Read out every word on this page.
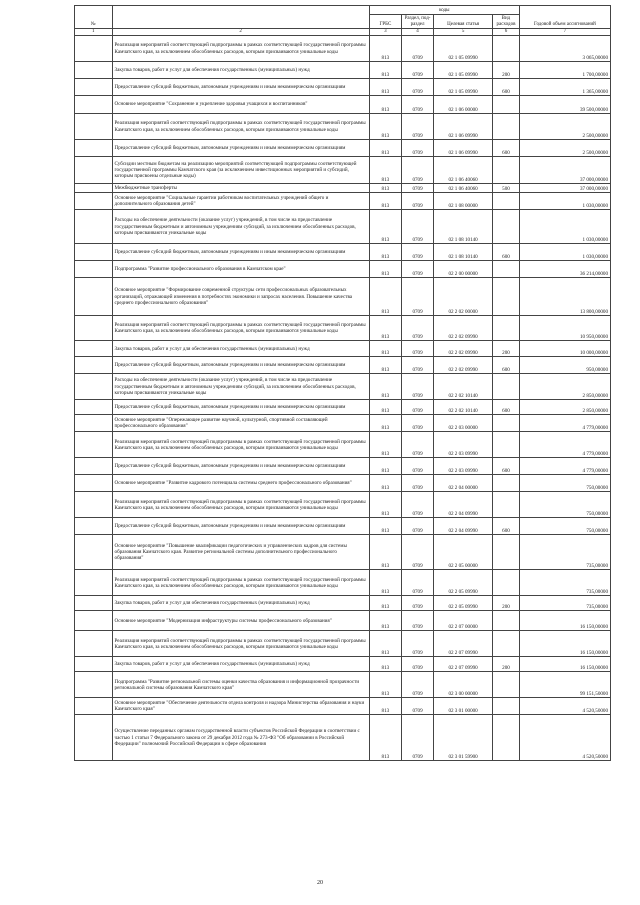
№		коды				Годовой объем ассигнований
		ГРБС	Раздел, под-раздел	Целевая статья	Вид расходов	
1	2	3	4	5	6	7
	Реализация мероприятий соответствующей подпрограммы в рамках соответствующей государственной программы Камчатского края, за исключением обособленных расходов, которым присваиваются уникальные коды	813	0709	02 1 05 09990		3 065,00000
	Закупка товаров, работ и услуг для обеспечения государственных (муниципальных) нужд	813	0709	02 1 05 09990	200	1 700,00000
	Предоставление субсидий бюджетным, автономным учреждениям и иным некоммерческим организациям	813	0709	02 1 05 09990	600	1 365,00000
	Основное мероприятие "Сохранение и укрепление здоровья учащихся и воспитанников"	813	0709	02 1 06 00000		39 500,00000
	Реализация мероприятий соответствующей подпрограммы в рамках соответствующей государственной программы Камчатского края, за исключением обособленных расходов, которым присваиваются уникальные коды	813	0709	02 1 06 09990		2 500,00000
	Предоставление субсидий бюджетным, автономным учреждениям и иным некоммерческим организациям	813	0709	02 1 06 09990	600	2 500,00000
	Субсидии местным бюджетам на реализацию мероприятий соответствующей подпрограммы соответствующей государственной программы Камчатского края (за исключением инвестиционных мероприятий и субсидий, которым присвоены отдельные коды)	813	0709	02 1 06 40060		37 000,00000
	Межбюджетные трансферты	813	0709	02 1 06 40060	500	37 000,00000
	Основное мероприятие "Социальные гарантии работникам воспитательных учреждений общего и дополнительного образования детей"	813	0709	02 1 08 00000		1 030,00000
	Расходы на обеспечение деятельности (оказание услуг) учреждений, в том числе на предоставление государственным бюджетным и автономным учреждениям субсидий, за исключением обособленных расходов, которым присваиваются уникальные коды	813	0709	02 1 08 10140		1 030,00000
	Предоставление субсидий бюджетным, автономным учреждениям и иным некоммерческим организациям	813	0709	02 1 08 10140	600	1 030,00000
	Подпрограмма "Развитие профессионального образования в Камчатском крае"	813	0709	02 2 00 00000		36 214,00000
	Основное мероприятие "Формирование современной структуры сети профессиональных образовательных организаций, отражающей изменения в потребностях экономики и запросах населения. Повышение качества среднего профессионального образования"	813	0709	02 2 02 00000		13 800,00000
	Реализация мероприятий соответствующей подпрограммы в рамках соответствующей государственной программы Камчатского края, за исключением обособленных расходов, которым присваиваются уникальные коды	813	0709	02 2 02 09990		10 950,00000
	Закупка товаров, работ и услуг для обеспечения государственных (муниципальных) нужд	813	0709	02 2 02 09990	200	10 000,00000
	Предоставление субсидий бюджетным, автономным учреждениям и иным некоммерческим организациям	813	0709	02 2 02 09990	600	950,00000
	Расходы на обеспечение деятельности (оказание услуг) учреждений, в том числе на предоставление государственным бюджетным и автономным учреждениям субсидий, за исключением обособленных расходов, которым присваиваются уникальные коды	813	0709	02 2 02 10140		2 850,00000
	Предоставление субсидий бюджетным, автономным учреждениям и иным некоммерческим организациям	813	0709	02 2 02 10140	600	2 850,00000
	Основное мероприятие "Опережающее развитие научной, культурной, спортивной составляющей профессионального образования"	813	0709	02 2 03 00000		4 779,00000
	Реализация мероприятий соответствующей подпрограммы в рамках соответствующей государственной программы Камчатского края, за исключением обособленных расходов, которым присваиваются уникальные коды	813	0709	02 2 03 09990		4 779,00000
	Предоставление субсидий бюджетным, автономным учреждениям и иным некоммерческим организациям	813	0709	02 2 03 09990	600	4 779,00000
	Основное мероприятие "Развитие кадрового потенциала системы среднего профессионального образования"	813	0709	02 2 04 00000		750,00000
	Реализация мероприятий соответствующей подпрограммы в рамках соответствующей государственной программы Камчатского края, за исключением обособленных расходов, которым присваиваются уникальные коды	813	0709	02 2 04 09990		750,00000
	Предоставление субсидий бюджетным, автономным учреждениям и иным некоммерческим организациям	813	0709	02 2 04 09990	600	750,00000
	Основное мероприятие "Повышение квалификации педагогических и управленческих кадров для системы образования Камчатского края. Развитие региональной системы дополнительного профессионального образования"	813	0709	02 2 05 00000		735,00000
	Реализация мероприятий соответствующей подпрограммы в рамках соответствующей государственной программы Камчатского края, за исключением обособленных расходов, которым присваиваются уникальные коды	813	0709	02 2 05 09990		735,00000
	Закупка товаров, работ и услуг для обеспечения государственных (муниципальных) нужд	813	0709	02 2 05 09990	200	735,00000
	Основное мероприятие "Модернизация инфраструктуры системы профессионального образования"	813	0709	02 2 07 00000		16 150,00000
	Реализация мероприятий соответствующей подпрограммы в рамках соответствующей государственной программы Камчатского края, за исключением обособленных расходов, которым присваиваются уникальные коды	813	0709	02 2 07 09990		16 150,00000
	Закупка товаров, работ и услуг для обеспечения государственных (муниципальных) нужд	813	0709	02 2 07 09990	200	16 150,00000
	Подпрограмма "Развитие региональной системы оценки качества образования и информационной прозрачности региональной системы образования Камчатского края"	813	0709	02 3 00 00000		99 151,50000
	Основное мероприятие "Обеспечение деятельности отдела контроля и надзора Министерства образования и науки Камчатского края"	813	0709	02 3 01 00000		4 520,50000
	Осуществление переданных органам государственной власти субъектов Российской Федерации в соответствии с частью 1 статьи 7 Федерального закона от 29 декабря 2012 года № 273-ФЗ "Об образовании в Российской Федерации" полномочий Российской Федерации в сфере образования	813	0709	02 3 01 59900		4 520,50000
20
